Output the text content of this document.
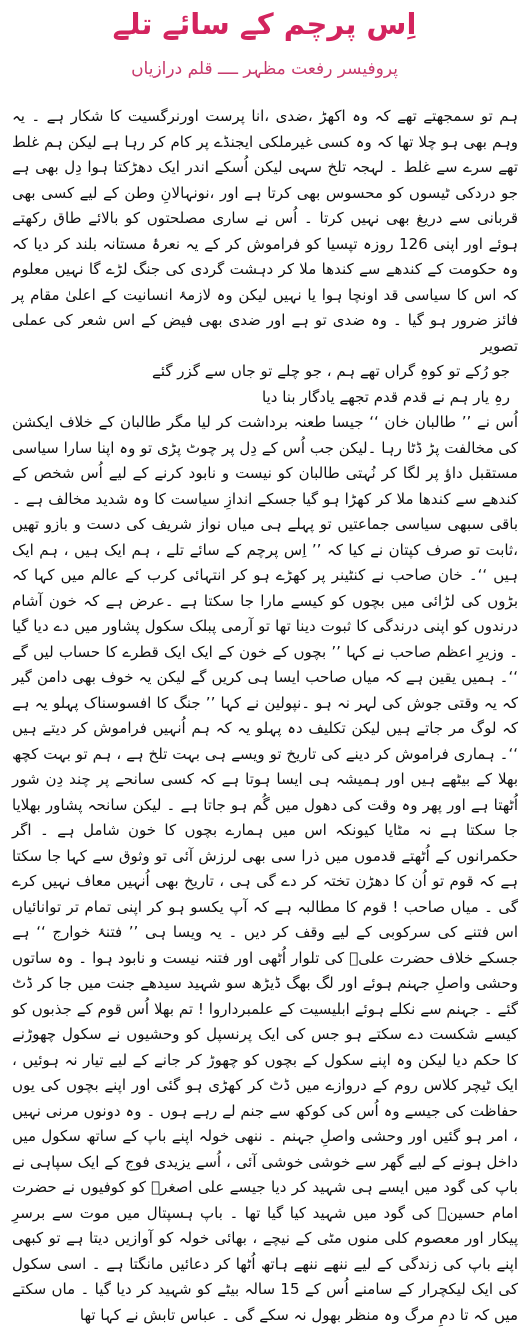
اِس پرچم کے سائے تلے
پروفیسر رفعت مظہر ــــ قلم درازیاں

ہم تو سمجھتے تھے کہ وہ اکھڑ ،ضدی ،انا پرست اورنرگسیت کا شکار ہے ۔ یہ وہم بھی ہو چلا تھا کہ وہ کسی غیرملکی ایجنڈے پر کام کر رہا ہے لیکن ہم غلط تھے سرے سے غلط ۔ لہجہ تلخ سہی لیکن اُسکے اندر ایک دھڑکتا ہوا دِل بھی ہے جو دردکی ٹیسوں کو محسوس بھی کرتا ہے اور ،نونہالانِ وطن کے لیے کسی بھی قربانی سے دریغ بھی نہیں کرتا ۔ اُس نے ساری مصلحتوں کو بالائے طاق رکھتے ہوئے اور اپنی 126 روزہ تپسیا کو فراموش کر کے یہ نعرۂ مستانہ بلند کر دیا کہ وہ حکومت کے کندھے سے کندھا ملا کر دہشت گردی کی جنگ لڑے گا نہیں معلوم کہ اس کا سیاسی قد اونچا ہوا یا نہیں لیکن وہ لازمۂ انسانیت کے اعلیٰ مقام پر فائز ضرور ہو گیا ۔ وہ ضدی تو ہے اور ضدی بھی فیض کے اس شعر کی عملی تصویر

جو رُکے تو کوہِ گراں تھے ہم ، جو چلے تو جاں سے گزر گئے
رہِ یار ہم نے قدم قدم تجھے یادگار بنا دیا

اُس نے ’’ طالبان خان ‘‘ جیسا طعنہ برداشت کر لیا مگر طالبان کے خلاف ایکشن کی مخالفت پڑ ڈٹا رہا ۔لیکن جب اُس کے دِل پر چوٹ پڑی تو وہ اپنا سارا سیاسی مستقبل داؤ پر لگا کر نُہتی طالبان کو نیست و نابود کرنے کے لیے اُس شخص کے کندھے سے کندھا ملا کر کھڑا ہو گیا جسکے اندازِ سیاست کا وہ شدید مخالف ہے ۔ باقی سبھی سیاسی جماعتیں تو پہلے ہی میاں نواز شریف کی دست و بازو تھیں ،ثابت تو صرف کپتان نے کیا کہ ’’ اِس پرچم کے سائے تلے ، ہم ایک ہیں ، ہم ایک ہیں ‘‘۔ خان صاحب نے کنٹینر پر کھڑے ہو کر انتہائی کرب کے عالم میں کہا کہ بڑوں کی لڑائی میں بچوں کو کیسے مارا جا سکتا ہے ۔عرض ہے کہ خون آشام درندوں کو اپنی درندگی کا ثبوت دینا تھا تو آرمی پبلک سکول پشاور میں دے دیا گیا ۔ وزیرِ اعظم صاحب نے کہا ’’ بچوں کے خون کے ایک ایک قطرے کا حساب لیں گے ‘‘۔ ہمیں یقین ہے کہ میاں صاحب ایسا ہی کریں گے لیکن یہ خوف بھی دامن گیر کہ یہ وقتی جوش کی لہر نہ ہو ۔نپولین نے کہا ’’ جنگ کا افسوسناک پہلو یہ ہے کہ لوگ مر جاتے ہیں لیکن تکلیف دہ پہلو یہ کہ ہم اُنہیں فراموش کر دیتے ہیں ‘‘۔ ہماری فراموش کر دینے کی تاریخ تو ویسے ہی بہت تلخ ہے ، ہم تو بہت کچھ بھلا کے بیٹھے ہیں اور ہمیشہ ہی ایسا ہوتا ہے کہ کسی سانحے پر چند دِن شور اُٹھتا ہے اور پھر وہ وقت کی دھول میں گُم ہو جاتا ہے ۔ لیکن سانحہ پشاور بھلایا جا سکتا ہے نہ مٹایا کیونکہ اس میں ہمارے بچوں کا خون شامل ہے ۔ اگر حکمرانوں کے اُٹھتے قدموں میں ذرا سی بھی لرزش آئی تو وثوق سے کہا جا سکتا ہے کہ قوم تو اُن کا دھڑن تختہ کر دے گی ہی ، تاریخ بھی اُنہیں معاف نہیں کرے گی ۔ میاں صاحب ! قوم کا مطالبہ ہے کہ آپ یکسو ہو کر اپنی تمام تر توانائیاں اس فتنے کی سرکوبی کے لیے وقف کر دیں ۔ یہ ویسا ہی ’’ فتنۂ خوارج ‘‘ ہے جسکے خلاف حضرت علیؓ کی تلوار اُٹھی اور فتنہ نیست و نابود ہوا ۔ وہ ساتوں وحشی واصلِ جہنم ہوئے اور لگ بھگ ڈیڑھ سو شہید سیدھے جنت میں جا کر ڈٹ گئے ۔ جہنم سے نکلے ہوئے ابلیسیت کے علمبرداروا ! تم بھلا اُس قوم کے جذبوں کو کیسے شکست دے سکتے ہو جس کی ایک پرنسپل کو وحشیوں نے سکول چھوڑنے کا حکم دیا لیکن وہ اپنے سکول کے بچوں کو چھوڑ کر جانے کے لیے تیار نہ ہوئیں ، ایک ٹیچر کلاس روم کے دروازے میں ڈٹ کر کھڑی ہو گئی اور اپنے بچوں کی یوں حفاظت کی جیسے وہ اُس کی کوکھ سے جنم لے رہے ہوں ۔ وہ دونوں مرنی نہیں ، امر ہو گئیں اور وحشی واصلِ جہنم ۔ ننھی خولہ اپنے باپ کے ساتھ سکول میں داخل ہونے کے لیے گھر سے خوشی خوشی آئی ، اُسے یزیدی فوج کے ایک سپاہی نے باپ کی گود میں ایسے ہی شہید کر دیا جیسے علی اصغرؑ کو کوفیوں نے حضرت امام حسینؑ کی گود میں شہید کیا گیا تھا ۔ باپ ہسپتال میں موت سے برسرِ پیکار اور معصوم کلی منوں مٹی کے نیچے ، بھائی خولہ کو آوازیں دیتا ہے تو کبھی اپنے باپ کی زندگی کے لیے ننھے ننھے ہاتھ اُٹھا کر دعائیں مانگتا ہے ۔ اسی سکول کی ایک لیکچرار کے سامنے اُس کے 15 سالہ بیٹے کو شہید کر دیا گیا ۔ ماں سکتے میں کہ تا دمِ مرگ وہ منظر بھول نہ سکے گی ۔ عباس تابش نے کہا تھا
